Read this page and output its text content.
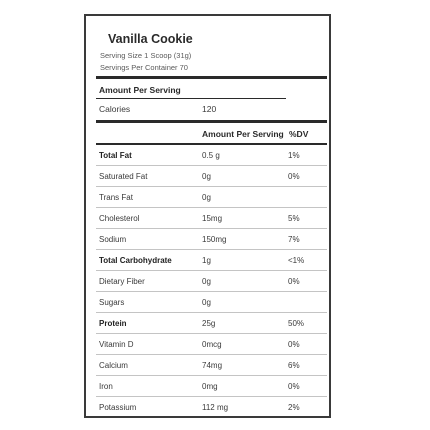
Vanilla Cookie
Serving Size 1 Scoop (31g)
Servings Per Container 70
Amount Per Serving
Calories	120
Amount Per Serving %DV
Total Fat	0.5 g	1%
Saturated Fat	0g	0%
Trans Fat	0g
Cholesterol	15mg	5%
Sodium	150mg	7%
Total Carbohydrate	1g	<1%
Dietary Fiber	0g	0%
Sugars	0g
Protein	25g	50%
Vitamin D	0mcg	0%
Calcium	74mg	6%
Iron	0mg	0%
Potassium	112 mg	2%
